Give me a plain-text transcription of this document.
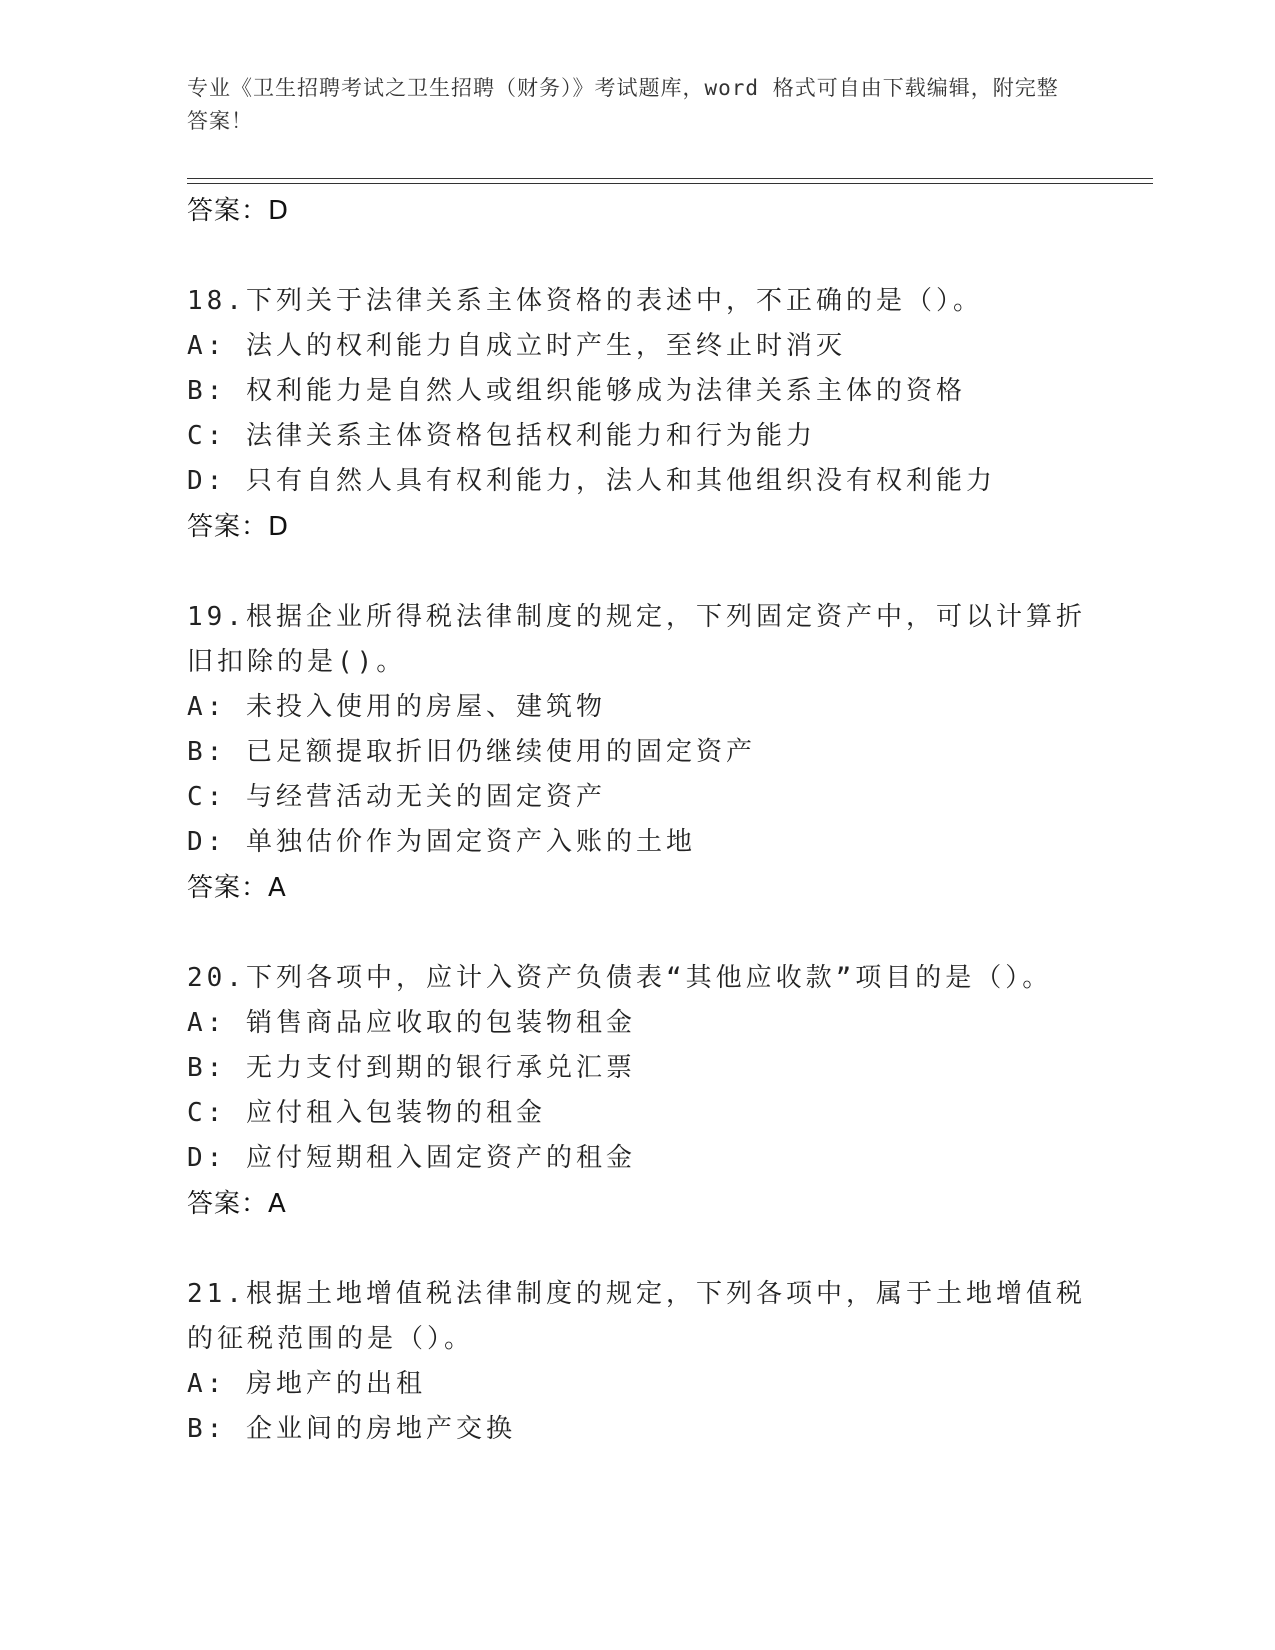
专业《卫生招聘考试之卫生招聘（财务）》考试题库，word 格式可自由下载编辑，附完整答案！
答案：D
18.下列关于法律关系主体资格的表述中，不正确的是（）。
A: 法人的权利能力自成立时产生，至终止时消灭
B: 权利能力是自然人或组织能够成为法律关系主体的资格
C: 法律关系主体资格包括权利能力和行为能力
D: 只有自然人具有权利能力，法人和其他组织没有权利能力
答案：D
19.根据企业所得税法律制度的规定，下列固定资产中，可以计算折旧扣除的是()。
A: 未投入使用的房屋、建筑物
B: 已足额提取折旧仍继续使用的固定资产
C: 与经营活动无关的固定资产
D: 单独估价作为固定资产入账的土地
答案：A
20.下列各项中，应计入资产负债表“其他应收款”项目的是（）。
A: 销售商品应收取的包装物租金
B: 无力支付到期的银行承兑汇票
C: 应付租入包装物的租金
D: 应付短期租入固定资产的租金
答案：A
21.根据土地增值税法律制度的规定，下列各项中，属于土地增值税的征税范围的是（）。
A: 房地产的出租
B: 企业间的房地产交换
